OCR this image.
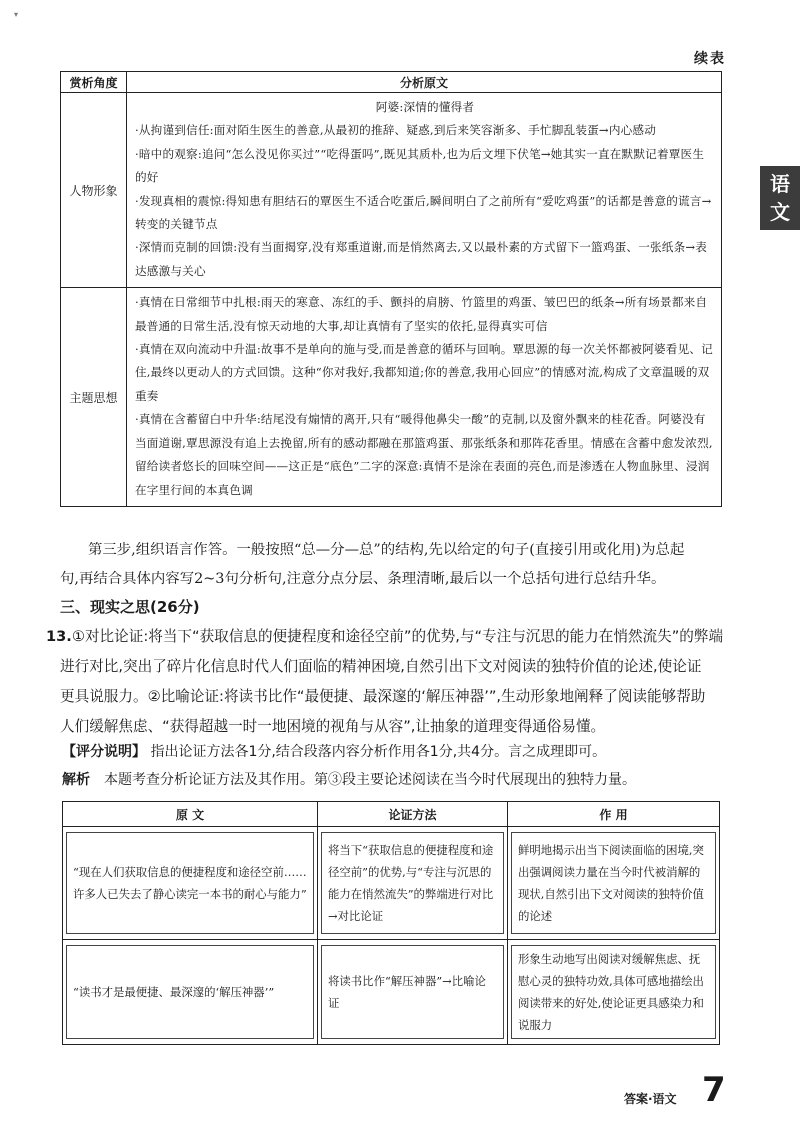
▾
续表
语
文
赏析角度	分析原文
人物形象	阿婆:深情的懂得者
·从拘谨到信任:面对陌生医生的善意,从最初的推辞、疑惑,到后来笑容渐多、手忙脚乱装蛋→内心感动
·暗中的观察:追问“怎么没见你买过”“吃得蛋吗”,既见其质朴,也为后文埋下伏笔→她其实一直在默默记着覃医生的好
·发现真相的震惊:得知患有胆结石的覃医生不适合吃蛋后,瞬间明白了之前所有“爱吃鸡蛋”的话都是善意的谎言→转变的关键节点
·深情而克制的回馈:没有当面揭穿,没有郑重道谢,而是悄然离去,又以最朴素的方式留下一篮鸡蛋、一张纸条→表达感激与关心

主题思想	·真情在日常细节中扎根:雨天的寒意、冻红的手、颤抖的肩膀、竹篮里的鸡蛋、皱巴巴的纸条→所有场景都来自最普通的日常生活,没有惊天动地的大事,却让真情有了坚实的依托,显得真实可信
·真情在双向流动中升温:故事不是单向的施与受,而是善意的循环与回响。覃思源的每一次关怀都被阿婆看见、记住,最终以更动人的方式回馈。这种“你对我好,我都知道;你的善意,我用心回应”的情感对流,构成了文章温暖的双重奏
·真情在含蓄留白中升华:结尾没有煽情的离开,只有“暖得他鼻尖一酸”的克制,以及窗外飘来的桂花香。阿婆没有当面道谢,覃思源没有追上去挽留,所有的感动都融在那篮鸡蛋、那张纸条和那阵花香里。情感在含蓄中愈发浓烈,留给读者悠长的回味空间——这正是“底色”二字的深意:真情不是涂在表面的亮色,而是渗透在人物血脉里、浸润在字里行间的本真色调
第三步,组织语言作答。一般按照“总—分—总”的结构,先以给定的句子(直接引用或化用)为总起
句,再结合具体内容写2~3句分析句,注意分点分层、条理清晰,最后以一个总括句进行总结升华。
三、现实之思(26分)
13.①对比论证:将当下“获取信息的便捷程度和途径空前”的优势,与“专注与沉思的能力在悄然流失”的弊端
进行对比,突出了碎片化信息时代人们面临的精神困境,自然引出下文对阅读的独特价值的论述,使论证
更具说服力。②比喻论证:将读书比作“最便捷、最深邃的‘解压神器’”,生动形象地阐释了阅读能够帮助
人们缓解焦虑、“获得超越一时一地困境的视角与从容”,让抽象的道理变得通俗易懂。
【评分说明】 指出论证方法各1分,结合段落内容分析作用各1分,共4分。言之成理即可。
解析 本题考查分析论证方法及其作用。第③段主要论述阅读在当今时代展现出的独特力量。
原 文	论证方法	作 用

“现在人们获取信息的便捷程度和途径空前……许多人已失去了静心读完一本书的耐心与能力”	将当下“获取信息的便捷程度和途径空前”的优势,与“专注与沉思的能力在悄然流失”的弊端进行对比→对比论证	鲜明地揭示出当下阅读面临的困境,突出强调阅读力量在当今时代被消解的现状,自然引出下文对阅读的独特价值的论述

“读书才是最便捷、最深邃的‘解压神器’”	将读书比作“解压神器”→比喻论证	形象生动地写出阅读对缓解焦虑、抚慰心灵的独特功效,具体可感地描绘出阅读带来的好处,使论证更具感染力和说服力
答案·语文 7
